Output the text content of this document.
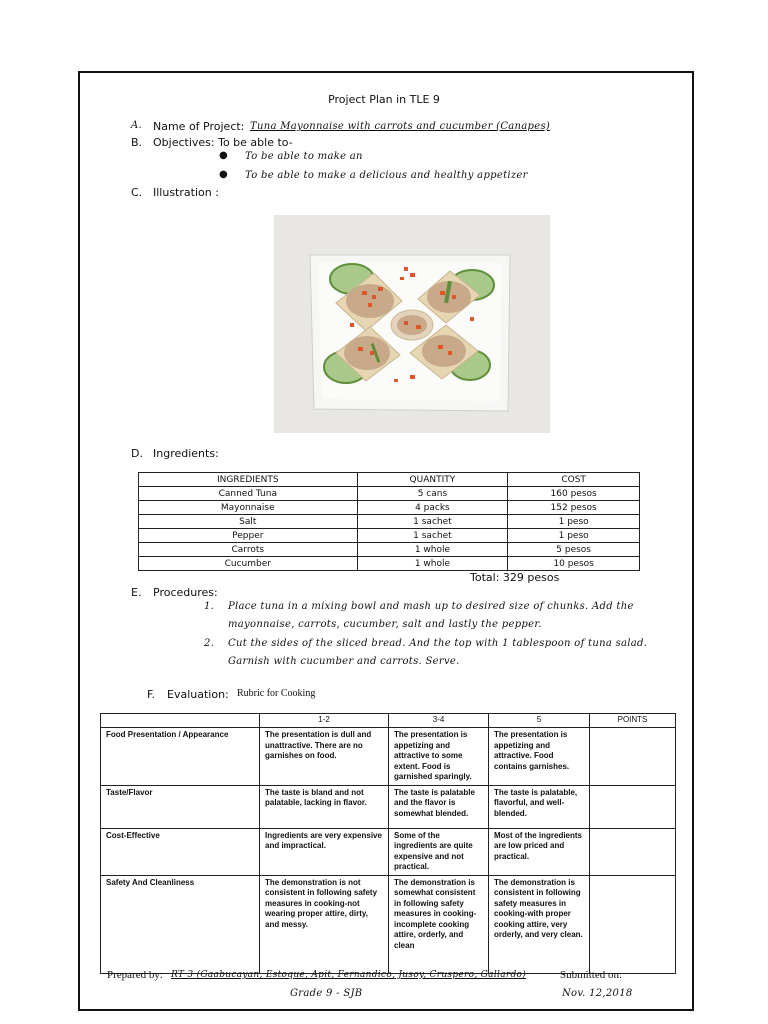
Project Plan in TLE 9
A. Name of Project: Tuna Mayonnaise with carrots and cucumber (Canapes)
B. Objectives: To be able to-
● To be able to make an
● To be able to make a delicious and healthy appetizer
C. Illustration :
D. Ingredients:
INGREDIENTS	QUANTITY	COST
Canned Tuna	5 cans	160 pesos
Mayonnaise	4 packs	152 pesos
Salt	1 sachet	1 peso
Pepper	1 sachet	1 peso
Carrots	1 whole	5 pesos
Cucumber	1 whole	10 pesos
Total: 329 pesos
E. Procedures:
1. Place tuna in a mixing bowl and mash up to desired size of chunks. Add the
mayonnaise, carrots, cucumber, salt and lastly the pepper.
2. Cut the sides of the sliced bread. And the top with 1 tablespoon of tuna salad.
Garnish with cucumber and carrots. Serve.
F. Evaluation: Rubric for Cooking
	1-2	3-4	5	POINTS
Food Presentation / Appearance	The presentation is dull and unattractive. There are no garnishes on food.	The presentation is appetizing and attractive to some extent. Food is garnished sparingly.	The presentation is appetizing and attractive. Food contains garnishes.	
Taste/Flavor	The taste is bland and not palatable, lacking in flavor.	The taste is palatable and the flavor is somewhat blended.	The taste is palatable, flavorful, and well-blended.	
Cost-Effective	Ingredients are very expensive and impractical.	Some of the ingredients are quite expensive and not practical.	Most of the ingredients are low priced and practical.	
Safety And Cleanliness	The demonstration is not consistent in following safety measures in cooking-not wearing proper attire, dirty, and messy.	The demonstration is somewhat consistent in following safety measures in cooking-incomplete cooking attire, orderly, and clean	The demonstration is consistent in following safety measures in cooking-with proper cooking attire, very orderly, and very clean.	
Prepared by: RT 3 (Gaabucayan, Estoque, Apit, Fernandico, Jusoy, Cruspero, Gallardo)	Submitted on:
Grade 9 - SJB	Nov. 12,2018
